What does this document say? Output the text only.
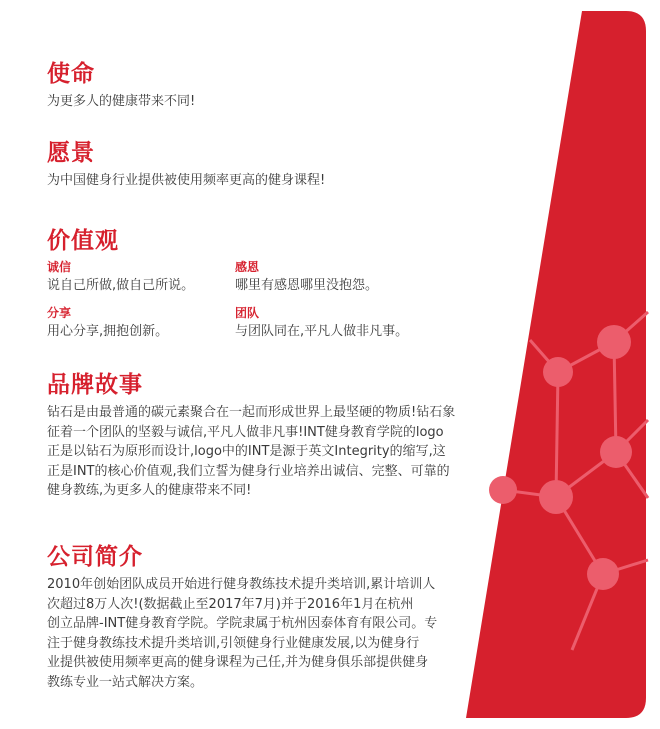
使命

为更多人的健康带来不同!

愿景

为中国健身行业提供被使用频率更高的健身课程!

价值观
诚信
说自己所做,做自己所说。
感恩
哪里有感恩哪里没抱怨。
分享
用心分享,拥抱创新。
团队
与团队同在,平凡人做非凡事。
品牌故事
钻石是由最普通的碳元素聚合在一起而形成世界上最坚硬的物质!钻石象
征着一个团队的坚毅与诚信,平凡人做非凡事!INT健身教育学院的logo
正是以钻石为原形而设计,logo中的INT是源于英文Integrity的缩写,这
正是INT的核心价值观,我们立誓为健身行业培养出诚信、完整、可靠的
健身教练,为更多人的健康带来不同!
公司简介
2010年创始团队成员开始进行健身教练技术提升类培训,累计培训人
次超过8万人次!(数据截止至2017年7月)并于2016年1月在杭州
创立品牌-INT健身教育学院。学院隶属于杭州因泰体育有限公司。专
注于健身教练技术提升类培训,引领健身行业健康发展,以为健身行
业提供被使用频率更高的健身课程为己任,并为健身俱乐部提供健身
教练专业一站式解决方案。
